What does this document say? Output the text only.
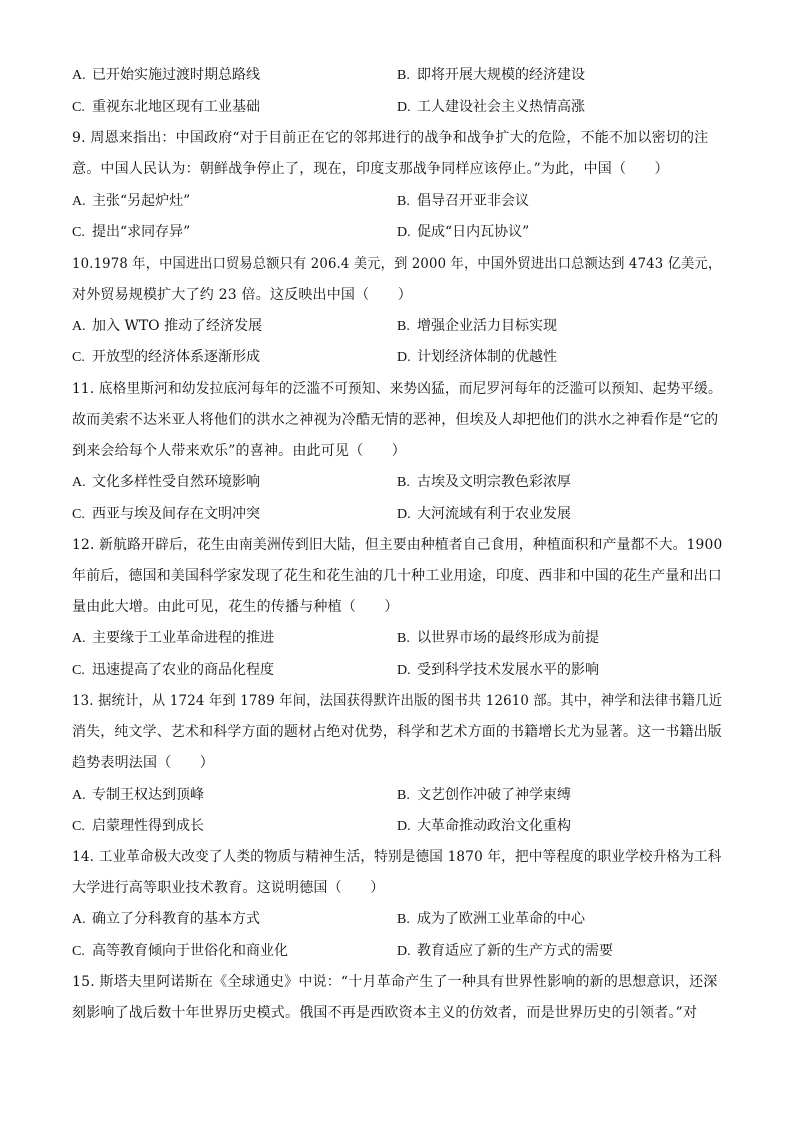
A. 已开始实施过渡时期总路线	B. 即将开展大规模的经济建设
C. 重视东北地区现有工业基础	D. 工人建设社会主义热情高涨
9. 周恩来指出：中国政府“对于目前正在它的邻邦进行的战争和战争扩大的危险，不能不加以密切的注
意。中国人民认为：朝鲜战争停止了，现在，印度支那战争同样应该停止。”为此，中国（　　）
A. 主张“另起炉灶”	B. 倡导召开亚非会议
C. 提出“求同存异”	D. 促成“日内瓦协议”
10.1978 年，中国进出口贸易总额只有 206.4 美元，到 2000 年，中国外贸进出口总额达到 4743 亿美元，
对外贸易规模扩大了约 23 倍。这反映出中国（　　）
A. 加入 WTO 推动了经济发展	B. 增强企业活力目标实现
C. 开放型的经济体系逐渐形成	D. 计划经济体制的优越性
11. 底格里斯河和幼发拉底河每年的泛滥不可预知、来势凶猛，而尼罗河每年的泛滥可以预知、起势平缓。
故而美索不达米亚人将他们的洪水之神视为冷酷无情的恶神，但埃及人却把他们的洪水之神看作是“它的
到来会给每个人带来欢乐”的喜神。由此可见（　　）
A. 文化多样性受自然环境影响	B. 古埃及文明宗教色彩浓厚
C. 西亚与埃及间存在文明冲突	D. 大河流域有利于农业发展
12. 新航路开辟后，花生由南美洲传到旧大陆，但主要由种植者自己食用，种植面积和产量都不大。1900
年前后，德国和美国科学家发现了花生和花生油的几十种工业用途，印度、西非和中国的花生产量和出口
量由此大增。由此可见，花生的传播与种植（　　）
A. 主要缘于工业革命进程的推进	B. 以世界市场的最终形成为前提
C. 迅速提高了农业的商品化程度	D. 受到科学技术发展水平的影响
13. 据统计，从 1724 年到 1789 年间，法国获得默许出版的图书共 12610 部。其中，神学和法律书籍几近
消失，纯文学、艺术和科学方面的题材占绝对优势，科学和艺术方面的书籍增长尤为显著。这一书籍出版
趋势表明法国（　　）
A. 专制王权达到顶峰	B. 文艺创作冲破了神学束缚
C. 启蒙理性得到成长	D. 大革命推动政治文化重构
14. 工业革命极大改变了人类的物质与精神生活，特别是德国 1870 年，把中等程度的职业学校升格为工科
大学进行高等职业技术教育。这说明德国（　　）
A. 确立了分科教育的基本方式	B. 成为了欧洲工业革命的中心
C. 高等教育倾向于世俗化和商业化	D. 教育适应了新的生产方式的需要
15. 斯塔夫里阿诺斯在《全球通史》中说：“十月革命产生了一种具有世界性影响的新的思想意识，还深
刻影响了战后数十年世界历史模式。俄国不再是西欧资本主义的仿效者，而是世界历史的引领者。”对
